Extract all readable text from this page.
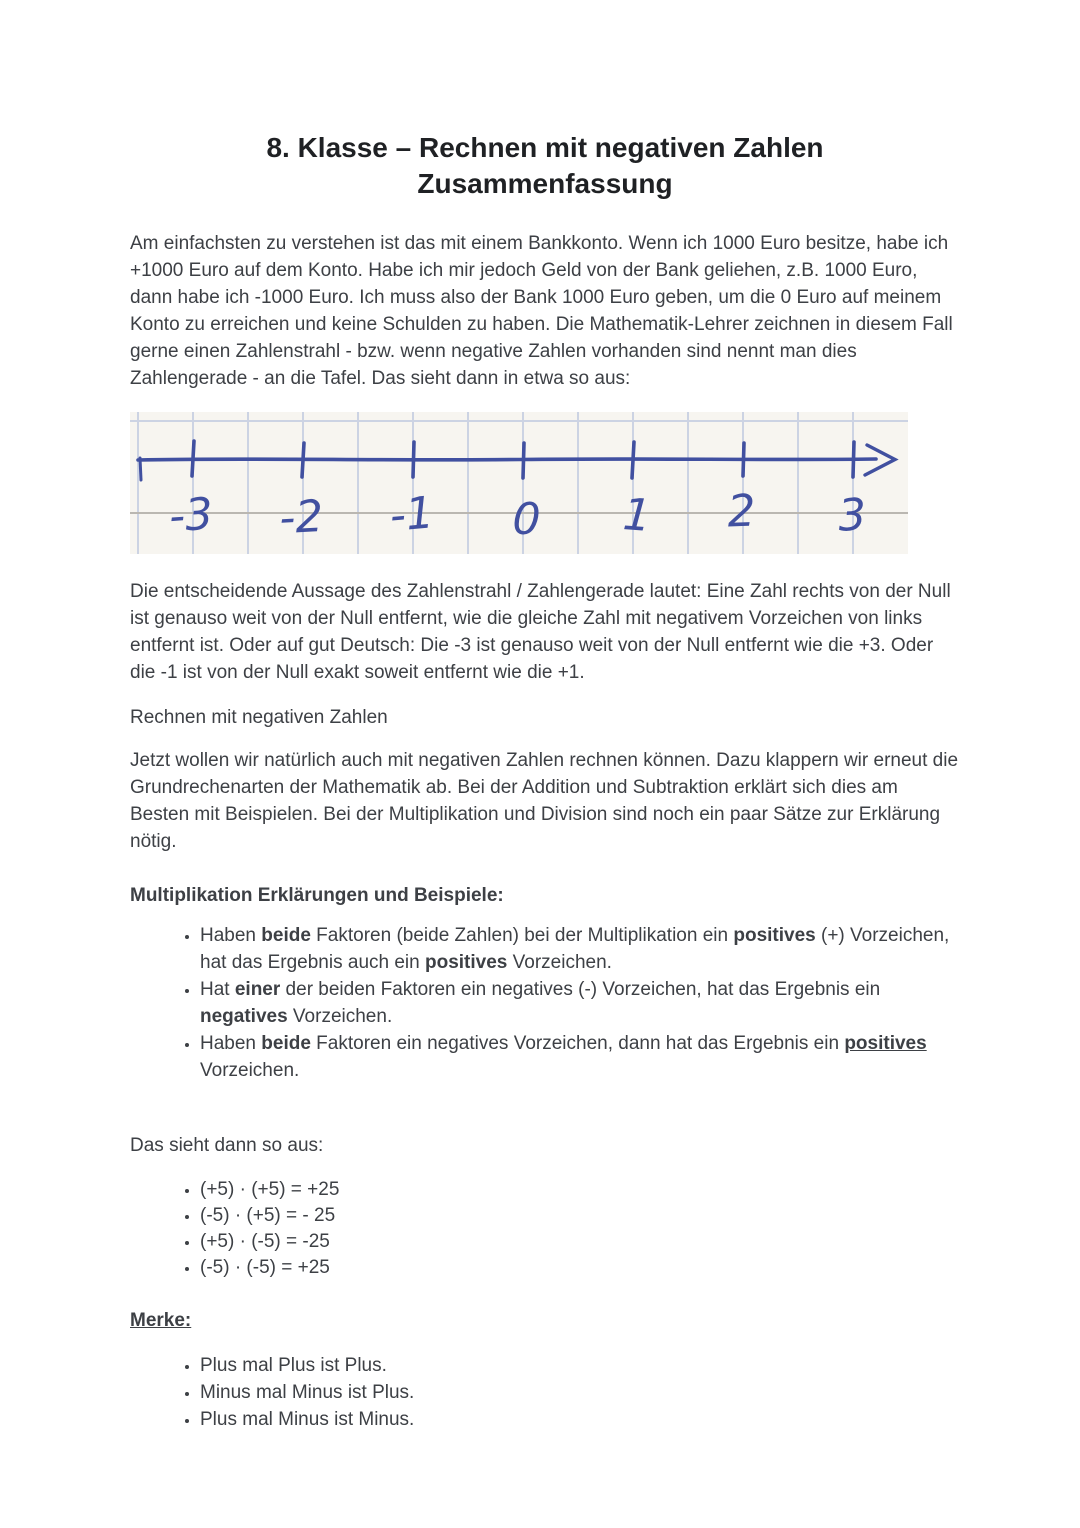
8. Klasse – Rechnen mit negativen Zahlen
Zusammenfassung

Am einfachsten zu verstehen ist das mit einem Bankkonto. Wenn ich 1000 Euro besitze, habe ich +1000 Euro auf dem Konto. Habe ich mir jedoch Geld von der Bank geliehen, z.B. 1000 Euro, dann habe ich -1000 Euro. Ich muss also der Bank 1000 Euro geben, um die 0 Euro auf meinem Konto zu erreichen und keine Schulden zu haben. Die Mathematik-Lehrer zeichnen in diesem Fall gerne einen Zahlenstrahl - bzw. wenn negative Zahlen vorhanden sind nennt man dies Zahlengerade - an die Tafel. Das sieht dann in etwa so aus:

-3 -2 -1 0 1 2 3

Die entscheidende Aussage des Zahlenstrahl / Zahlengerade lautet: Eine Zahl rechts von der Null ist genauso weit von der Null entfernt, wie die gleiche Zahl mit negativem Vorzeichen von links entfernt ist. Oder auf gut Deutsch: Die -3 ist genauso weit von der Null entfernt wie die +3. Oder die -1 ist von der Null exakt soweit entfernt wie die +1.

Rechnen mit negativen Zahlen

Jetzt wollen wir natürlich auch mit negativen Zahlen rechnen können. Dazu klappern wir erneut die Grundrechenarten der Mathematik ab. Bei der Addition und Subtraktion erklärt sich dies am Besten mit Beispielen. Bei der Multiplikation und Division sind noch ein paar Sätze zur Erklärung nötig.

Multiplikation Erklärungen und Beispiele:

• Haben beide Faktoren (beide Zahlen) bei der Multiplikation ein positives (+) Vorzeichen, hat das Ergebnis auch ein positives Vorzeichen.
• Hat einer der beiden Faktoren ein negatives (-) Vorzeichen, hat das Ergebnis ein negatives Vorzeichen.
• Haben beide Faktoren ein negatives Vorzeichen, dann hat das Ergebnis ein positives Vorzeichen.

Das sieht dann so aus:

• (+5) · (+5) = +25
• (-5) · (+5) = - 25
• (+5) · (-5) = -25
• (-5) · (-5) = +25

Merke:

• Plus mal Plus ist Plus.
• Minus mal Minus ist Plus.
• Plus mal Minus ist Minus.
